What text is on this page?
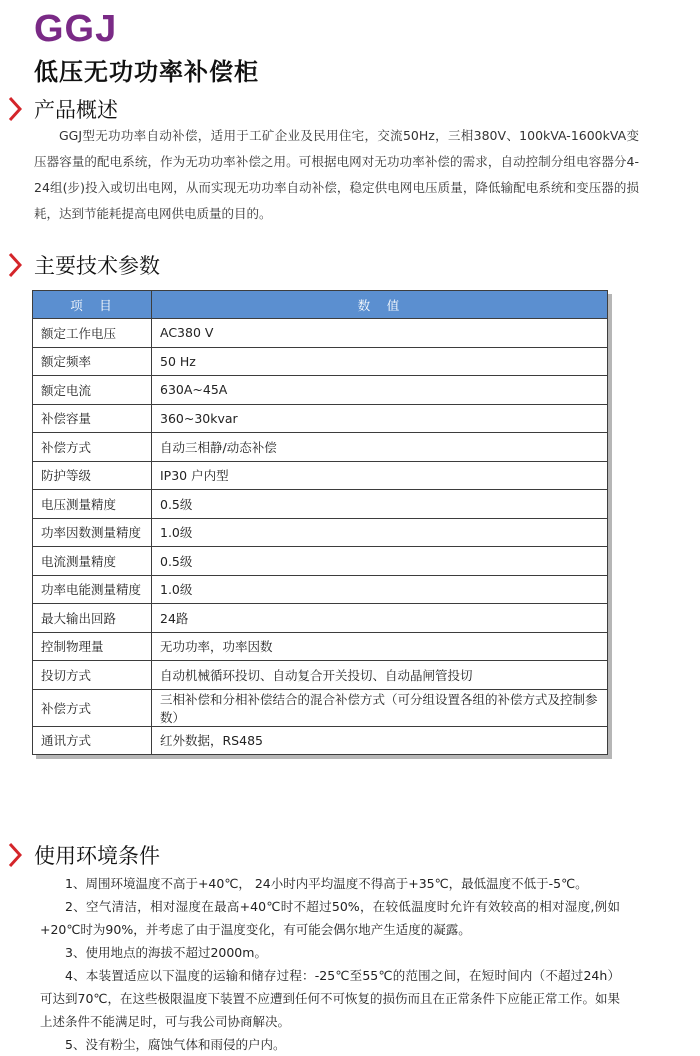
GGJ
低压无功功率补偿柜
产品概述

GGJ型无功功率自动补偿，适用于工矿企业及民用住宅，交流50Hz，三相380V、100kVA-1600kVA变压器容量的配电系统，作为无功功率补偿之用。可根据电网对无功功率补偿的需求，自动控制分组电容器分4-24组(步)投入或切出电网，从而实现无功功率自动补偿，稳定供电网电压质量，降低输配电系统和变压器的损耗，达到节能耗提高电网供电质量的目的。

主要技术参数
项　目	数　值
额定工作电压	AC380 V
额定频率	50 Hz
额定电流	630A~45A
补偿容量	360~30kvar
补偿方式	自动三相静/动态补偿
防护等级	IP30 户内型
电压测量精度	0.5级
功率因数测量精度	1.0级
电流测量精度	0.5级
功率电能测量精度	1.0级
最大输出回路	24路
控制物理量	无功功率，功率因数
投切方式	自动机械循环投切、自动复合开关投切、自动晶闸管投切
补偿方式	三相补偿和分相补偿结合的混合补偿方式（可分组设置各组的补偿方式及控制参数）
通讯方式	红外数据，RS485
使用环境条件

1、周围环境温度不高于+40℃， 24小时内平均温度不得高于+35℃，最低温度不低于-5℃。

2、空气清洁，相对湿度在最高+40℃时不超过50%，在较低温度时允许有效较高的相对湿度,例如+20℃时为90%，并考虑了由于温度变化，有可能会偶尔地产生适度的凝露。

3、使用地点的海拔不超过2000m。

4、本装置适应以下温度的运输和储存过程：-25℃至55℃的范围之间，在短时间内（不超过24h）可达到70℃，在这些极限温度下装置不应遭到任何不可恢复的损伤而且在正常条件下应能正常工作。如果上述条件不能满足时，可与我公司协商解决。

5、没有粉尘，腐蚀气体和雨侵的户内。
